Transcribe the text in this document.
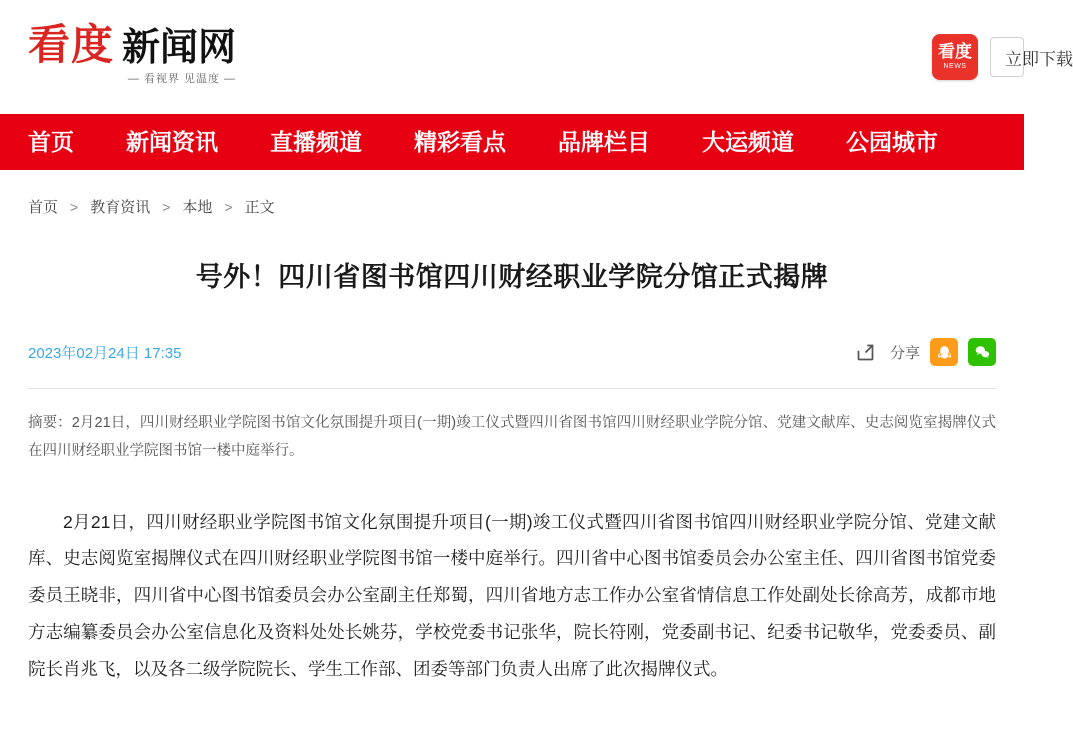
看度 新闻网
— 看视界 见温度 —
看度
NEWS	立即下载
首页	新闻资讯	直播频道	精彩看点	品牌栏目	大运频道	公园城市
首页 > 教育资讯 > 本地 > 正文
号外！四川省图书馆四川财经职业学院分馆正式揭牌
2023年02月24日 17:35	分享

摘要：2月21日，四川财经职业学院图书馆文化氛围提升项目(一期)竣工仪式暨四川省图书馆四川财经职业学院分馆、党建文献库、史志阅览室揭牌仪式在四川财经职业学院图书馆一楼中庭举行。

2月21日，四川财经职业学院图书馆文化氛围提升项目(一期)竣工仪式暨四川省图书馆四川财经职业学院分馆、党建文献库、史志阅览室揭牌仪式在四川财经职业学院图书馆一楼中庭举行。四川省中心图书馆委员会办公室主任、四川省图书馆党委委员王晓非，四川省中心图书馆委员会办公室副主任郑蜀，四川省地方志工作办公室省情信息工作处副处长徐高芳，成都市地方志编纂委员会办公室信息化及资料处处长姚芬，学校党委书记张华，院长符刚，党委副书记、纪委书记敬华，党委委员、副院长肖兆飞，以及各二级学院院长、学生工作部、团委等部门负责人出席了此次揭牌仪式。
